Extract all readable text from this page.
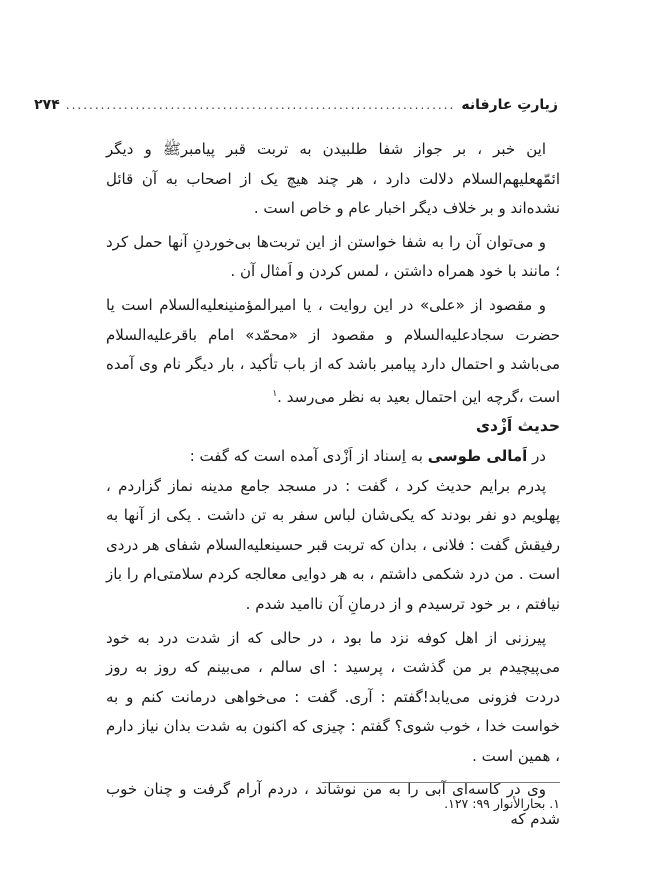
زیارتِ عارفانه
...................................................................
۲۷۴

این خبر ، بر جواز شفا طلبیدن به تربت قبر پیامبرﷺ و دیگر ائمّهعليهم‌السلام دلالت دارد ، هر چند هیچ یک از اصحاب به آن قائل نشده‌اند و بر خلاف دیگر اخبار عام و خاص است .

و می‌توان آن را به شفا خواستن از این تربت‌ها بی‌خوردنِ آنها حمل کرد ؛ مانند با خود همراه داشتن ، لمس کردن و اَمثال آن .

و مقصود از «علی» در این روایت ، یا امیرالمؤمنینعليه‌السلام است یا حضرت سجادعليه‌السلام و مقصود از «محمّد» امام باقرعليه‌السلام می‌باشد و احتمال دارد پیامبر باشد که از باب تأکید ، بار دیگر نام وی آمده است ،گرچه این احتمال بعید به نظر می‌رسد .$^۱$

حدیث اَزْدی

در اَمالی طوسی به اِسناد از اَزْدی آمده است که گفت :

پدرم برایم حدیث کرد ، گفت : در مسجد جامع مدینه نماز گزاردم ، پهلویم دو نفر بودند که یکی‌شان لباس سفر به تن داشت . یکی از آنها به رفیقش گفت : فلانی ، بدان که تربت قبر حسینعليه‌السلام شفای هر دردی است . من درد شکمی داشتم ، به هر دوایی معالجه کردم سلامتی‌ام را باز نیافتم ، بر خود ترسیدم و از درمانِ آن ناامید شدم .

پیرزنی از اهل کوفه نزد ما بود ، در حالی که از شدت درد به خود می‌پیچیدم بر من گذشت ، پرسید : ای سالم ، می‌بینم که روز به روز دردت فزونی می‌یابد!گفتم : آری. گفت : می‌خواهی درمانت کنم و به خواست خدا ، خوب شوی؟ گفتم : چیزی که اکنون به شدت بدان نیاز دارم ، همین است .

وی در کاسه‌ای آبی را به من نوشاند ، دردم آرام گرفت و چنان خوب شدم که

۱. بحارالأنوار ۹۹: ۱۲۷.
